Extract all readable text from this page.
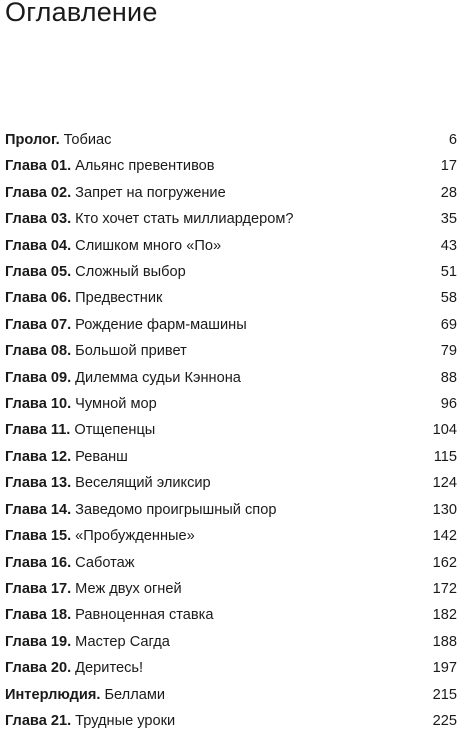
Оглавление
Пролог. Тобиас	6
Глава 01. Альянс превентивов	17
Глава 02. Запрет на погружение	28
Глава 03. Кто хочет стать миллиардером?	35
Глава 04. Слишком много «По»	43
Глава 05. Сложный выбор	51
Глава 06. Предвестник	58
Глава 07. Рождение фарм-машины	69
Глава 08. Большой привет	79
Глава 09. Дилемма судьи Кэннона	88
Глава 10. Чумной мор	96
Глава 11. Отщепенцы	104
Глава 12. Реванш	115
Глава 13. Веселящий эликсир	124
Глава 14. Заведомо проигрышный спор	130
Глава 15. «Пробужденные»	142
Глава 16. Саботаж	162
Глава 17. Меж двух огней	172
Глава 18. Равноценная ставка	182
Глава 19. Мастер Сагда	188
Глава 20. Деритесь!	197
Интерлюдия. Беллами	215
Глава 21. Трудные уроки	225
